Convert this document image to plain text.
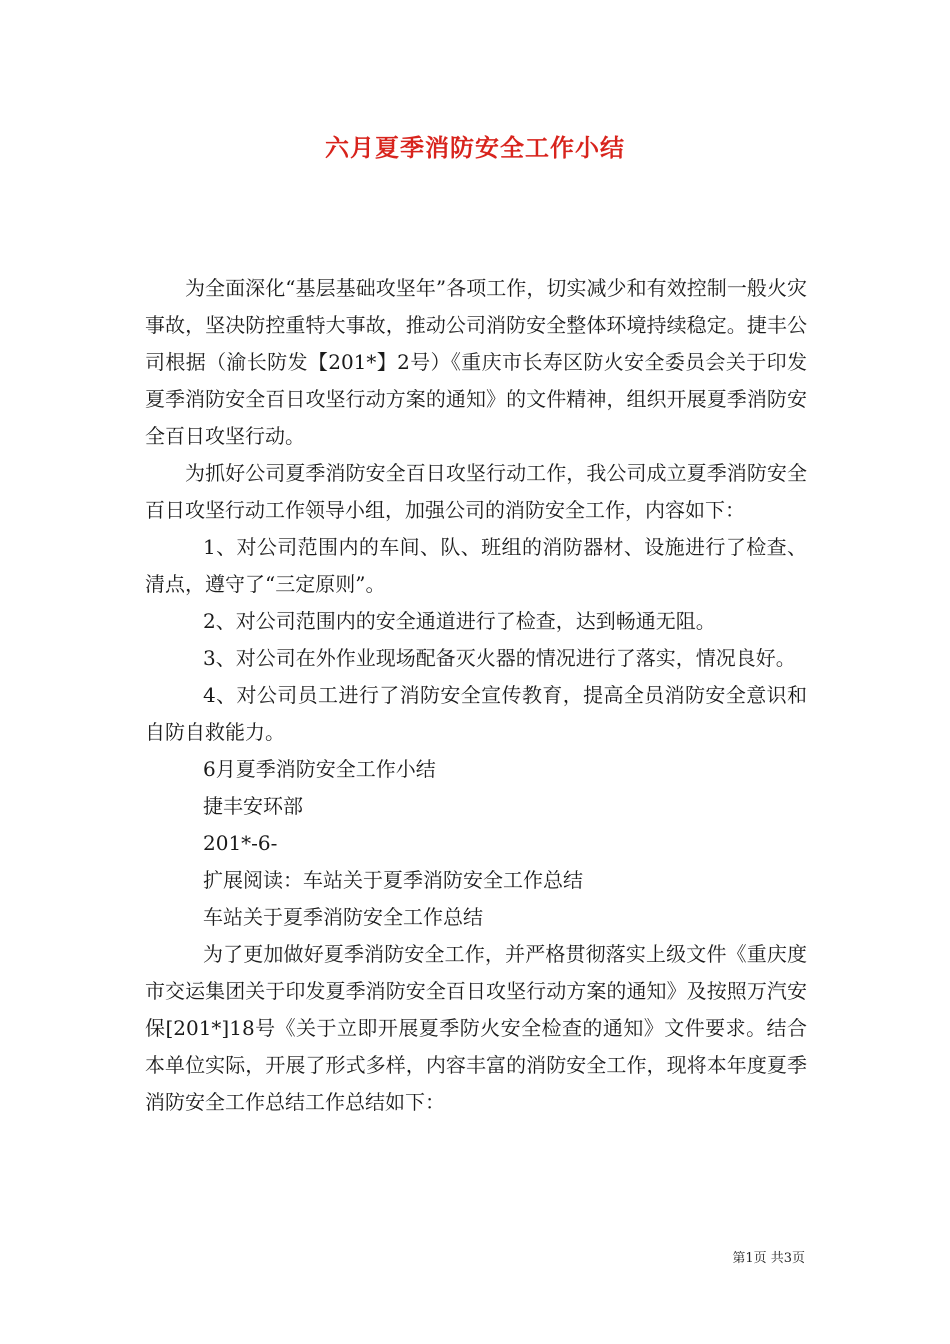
六月夏季消防安全工作小结

为全面深化“基层基础攻坚年”各项工作，切实减少和有效控制一般火灾事故，坚决防控重特大事故，推动公司消防安全整体环境持续稳定。捷丰公司根据（渝长防发【201*】2号）《重庆市长寿区防火安全委员会关于印发夏季消防安全百日攻坚行动方案的通知》的文件精神，组织开展夏季消防安全百日攻坚行动。

为抓好公司夏季消防安全百日攻坚行动工作，我公司成立夏季消防安全百日攻坚行动工作领导小组，加强公司的消防安全工作，内容如下：

1、对公司范围内的车间、队、班组的消防器材、设施进行了检查、清点，遵守了“三定原则”。

2、对公司范围内的安全通道进行了检查，达到畅通无阻。

3、对公司在外作业现场配备灭火器的情况进行了落实，情况良好。

4、对公司员工进行了消防安全宣传教育，提高全员消防安全意识和自防自救能力。

6月夏季消防安全工作小结

捷丰安环部

201*-6-

扩展阅读：车站关于夏季消防安全工作总结

车站关于夏季消防安全工作总结

为了更加做好夏季消防安全工作，并严格贯彻落实上级文件《重庆度市交运集团关于印发夏季消防安全百日攻坚行动方案的通知》及按照万汽安保[201*]18号《关于立即开展夏季防火安全检查的通知》文件要求。结合本单位实际，开展了形式多样，内容丰富的消防安全工作，现将本年度夏季消防安全工作总结工作总结如下：

第1页 共3页
